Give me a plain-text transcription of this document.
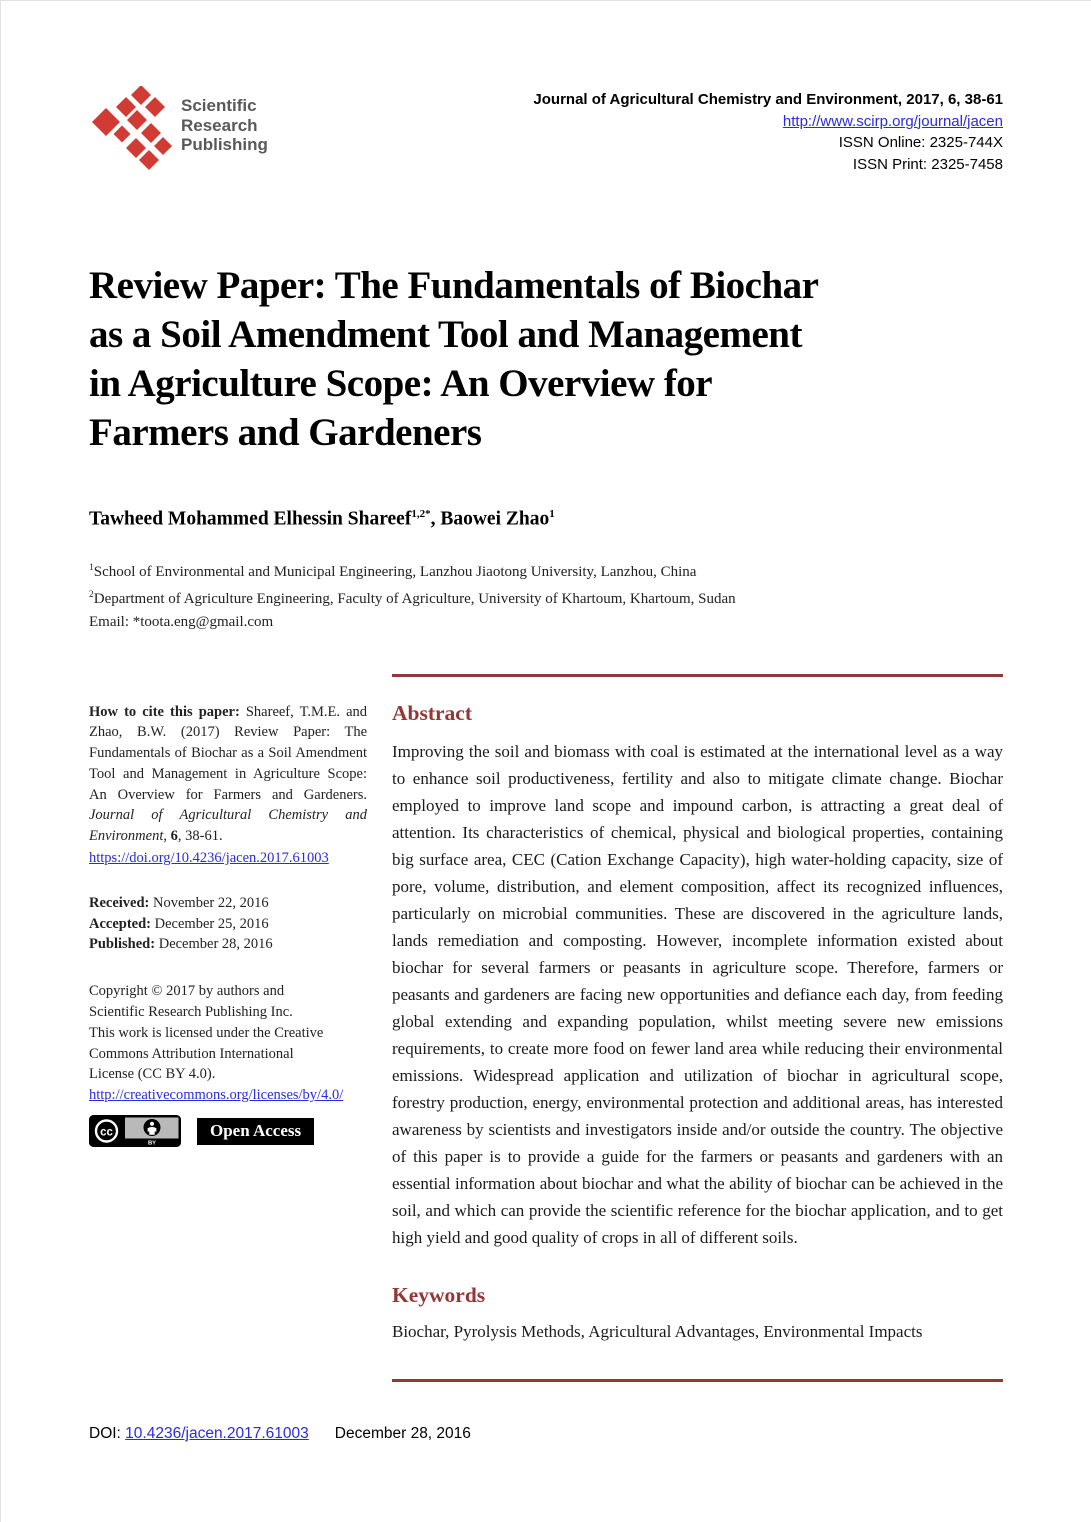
Scientific
Research
Publishing
Journal of Agricultural Chemistry and Environment, 2017, 6, 38-61
http://www.scirp.org/journal/jacen
ISSN Online: 2325-744X
ISSN Print: 2325-7458
Review Paper: The Fundamentals of Biochar
as a Soil Amendment Tool and Management
in Agriculture Scope: An Overview for
Farmers and Gardeners
Tawheed Mohammed Elhessin Shareef$^{1,2*}$, Baowei Zhao$^1$
$^1$School of Environmental and Municipal Engineering, Lanzhou Jiaotong University, Lanzhou, China
$^2$Department of Agriculture Engineering, Faculty of Agriculture, University of Khartoum, Khartoum, Sudan
Email: *toota.eng@gmail.com

How to cite this paper: Shareef, T.M.E. and Zhao, B.W. (2017) Review Paper: The Fundamentals of Biochar as a Soil Amendment Tool and Management in Agriculture Scope: An Overview for Farmers and Gardeners. Journal of Agricultural Chemistry and Environment, 6, 38-61.

https://doi.org/10.4236/jacen.2017.61003

Received: November 22, 2016
Accepted: December 25, 2016
Published: December 28, 2016

Copyright © 2017 by authors and
Scientific Research Publishing Inc.
This work is licensed under the Creative
Commons Attribution International
License (CC BY 4.0).
http://creativecommons.org/licenses/by/4.0/

cc
BY
Open Access
Abstract

Improving the soil and biomass with coal is estimated at the international level as a way to enhance soil productiveness, fertility and also to mitigate climate change. Biochar employed to improve land scope and impound carbon, is attracting a great deal of attention. Its characteristics of chemical, physical and biological properties, containing big surface area, CEC (Cation Exchange Capacity), high water-holding capacity, size of pore, volume, distribution, and element composition, affect its recognized influences, particularly on microbial communities. These are discovered in the agriculture lands, lands remediation and composting. However, incomplete information existed about biochar for several farmers or peasants in agriculture scope. Therefore, farmers or peasants and gardeners are facing new opportunities and defiance each day, from feeding global extending and expanding population, whilst meeting severe new emissions requirements, to create more food on fewer land area while reducing their environmental emissions. Widespread application and utilization of biochar in agricultural scope, forestry production, energy, environmental protection and additional areas, has interested awareness by scientists and investigators inside and/or outside the country. The objective of this paper is to provide a guide for the farmers or peasants and gardeners with an essential information about biochar and what the ability of biochar can be achieved in the soil, and which can provide the scientific reference for the biochar application, and to get high yield and good quality of crops in all of different soils.

Keywords

Biochar, Pyrolysis Methods, Agricultural Advantages, Environmental Impacts

DOI: 10.4236/jacen.2017.61003 December 28, 2016
